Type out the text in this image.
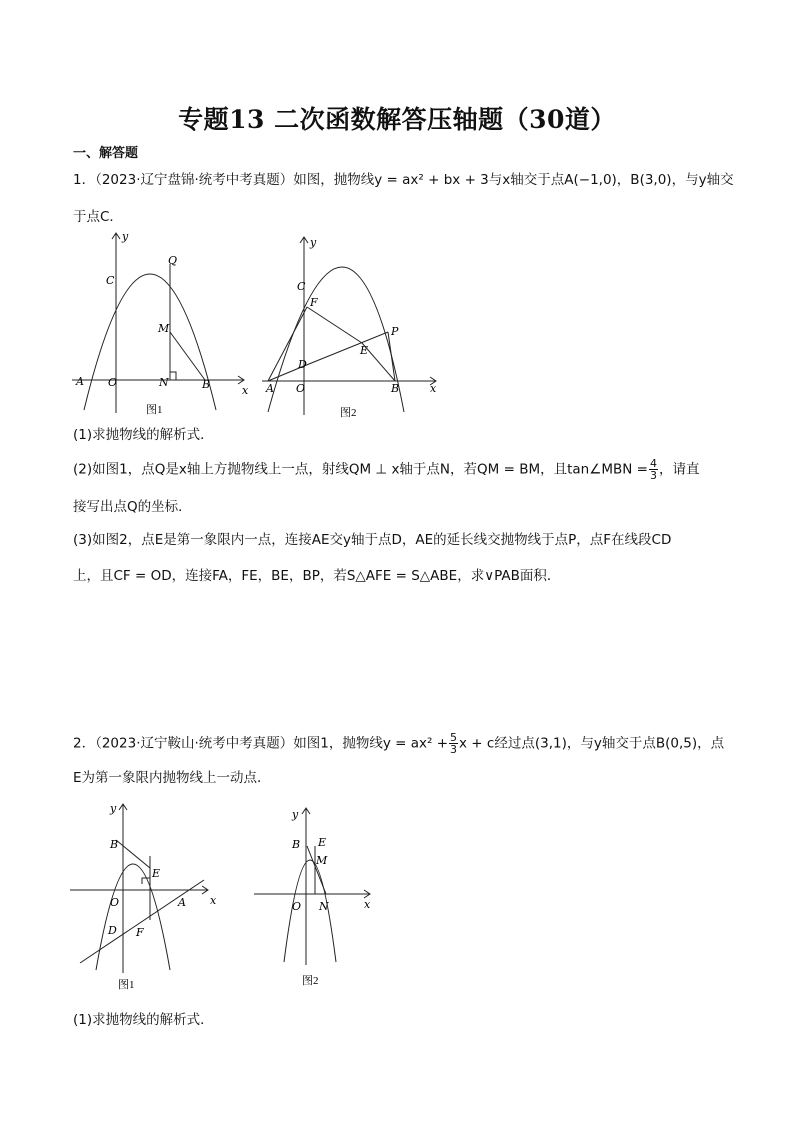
专题13 二次函数解答压轴题（30道）
一、解答题
1．（2023·辽宁盘锦·统考中考真题）如图，抛物线y = ax² + bx + 3与x轴交于点A(−1,0)，B(3,0)，与y轴交
于点C．
y
x
C
Q
M
A O	N	B
图1
y
x
C
F
P
E
D
A O	B
图2
(1)求抛物线的解析式．
(2)如图1，点Q是x轴上方抛物线上一点，射线QM ⊥ x轴于点N，若QM = BM，且tan∠MBN = $\frac{4}{3}$ ，请直
接写出点Q的坐标．
(3)如图2，点E是第一象限内一点，连接AE交y轴于点D，AE的延长线交抛物线于点P，点F在线段CD
上，且CF = OD，连接FA，FE，BE，BP，若S△AFE = S△ABE，求∨PAB面积．
2．（2023·辽宁鞍山·统考中考真题）如图1，抛物线$y = ax^2 + \frac{5}{3}$ x + c经过点(3,1)，与y轴交于点B(0,5)，点
E为第一象限内抛物线上一动点．
y
x
B
E
O	A
D F
图1
y
x
B E
M
O N
图2
(1)求抛物线的解析式．
